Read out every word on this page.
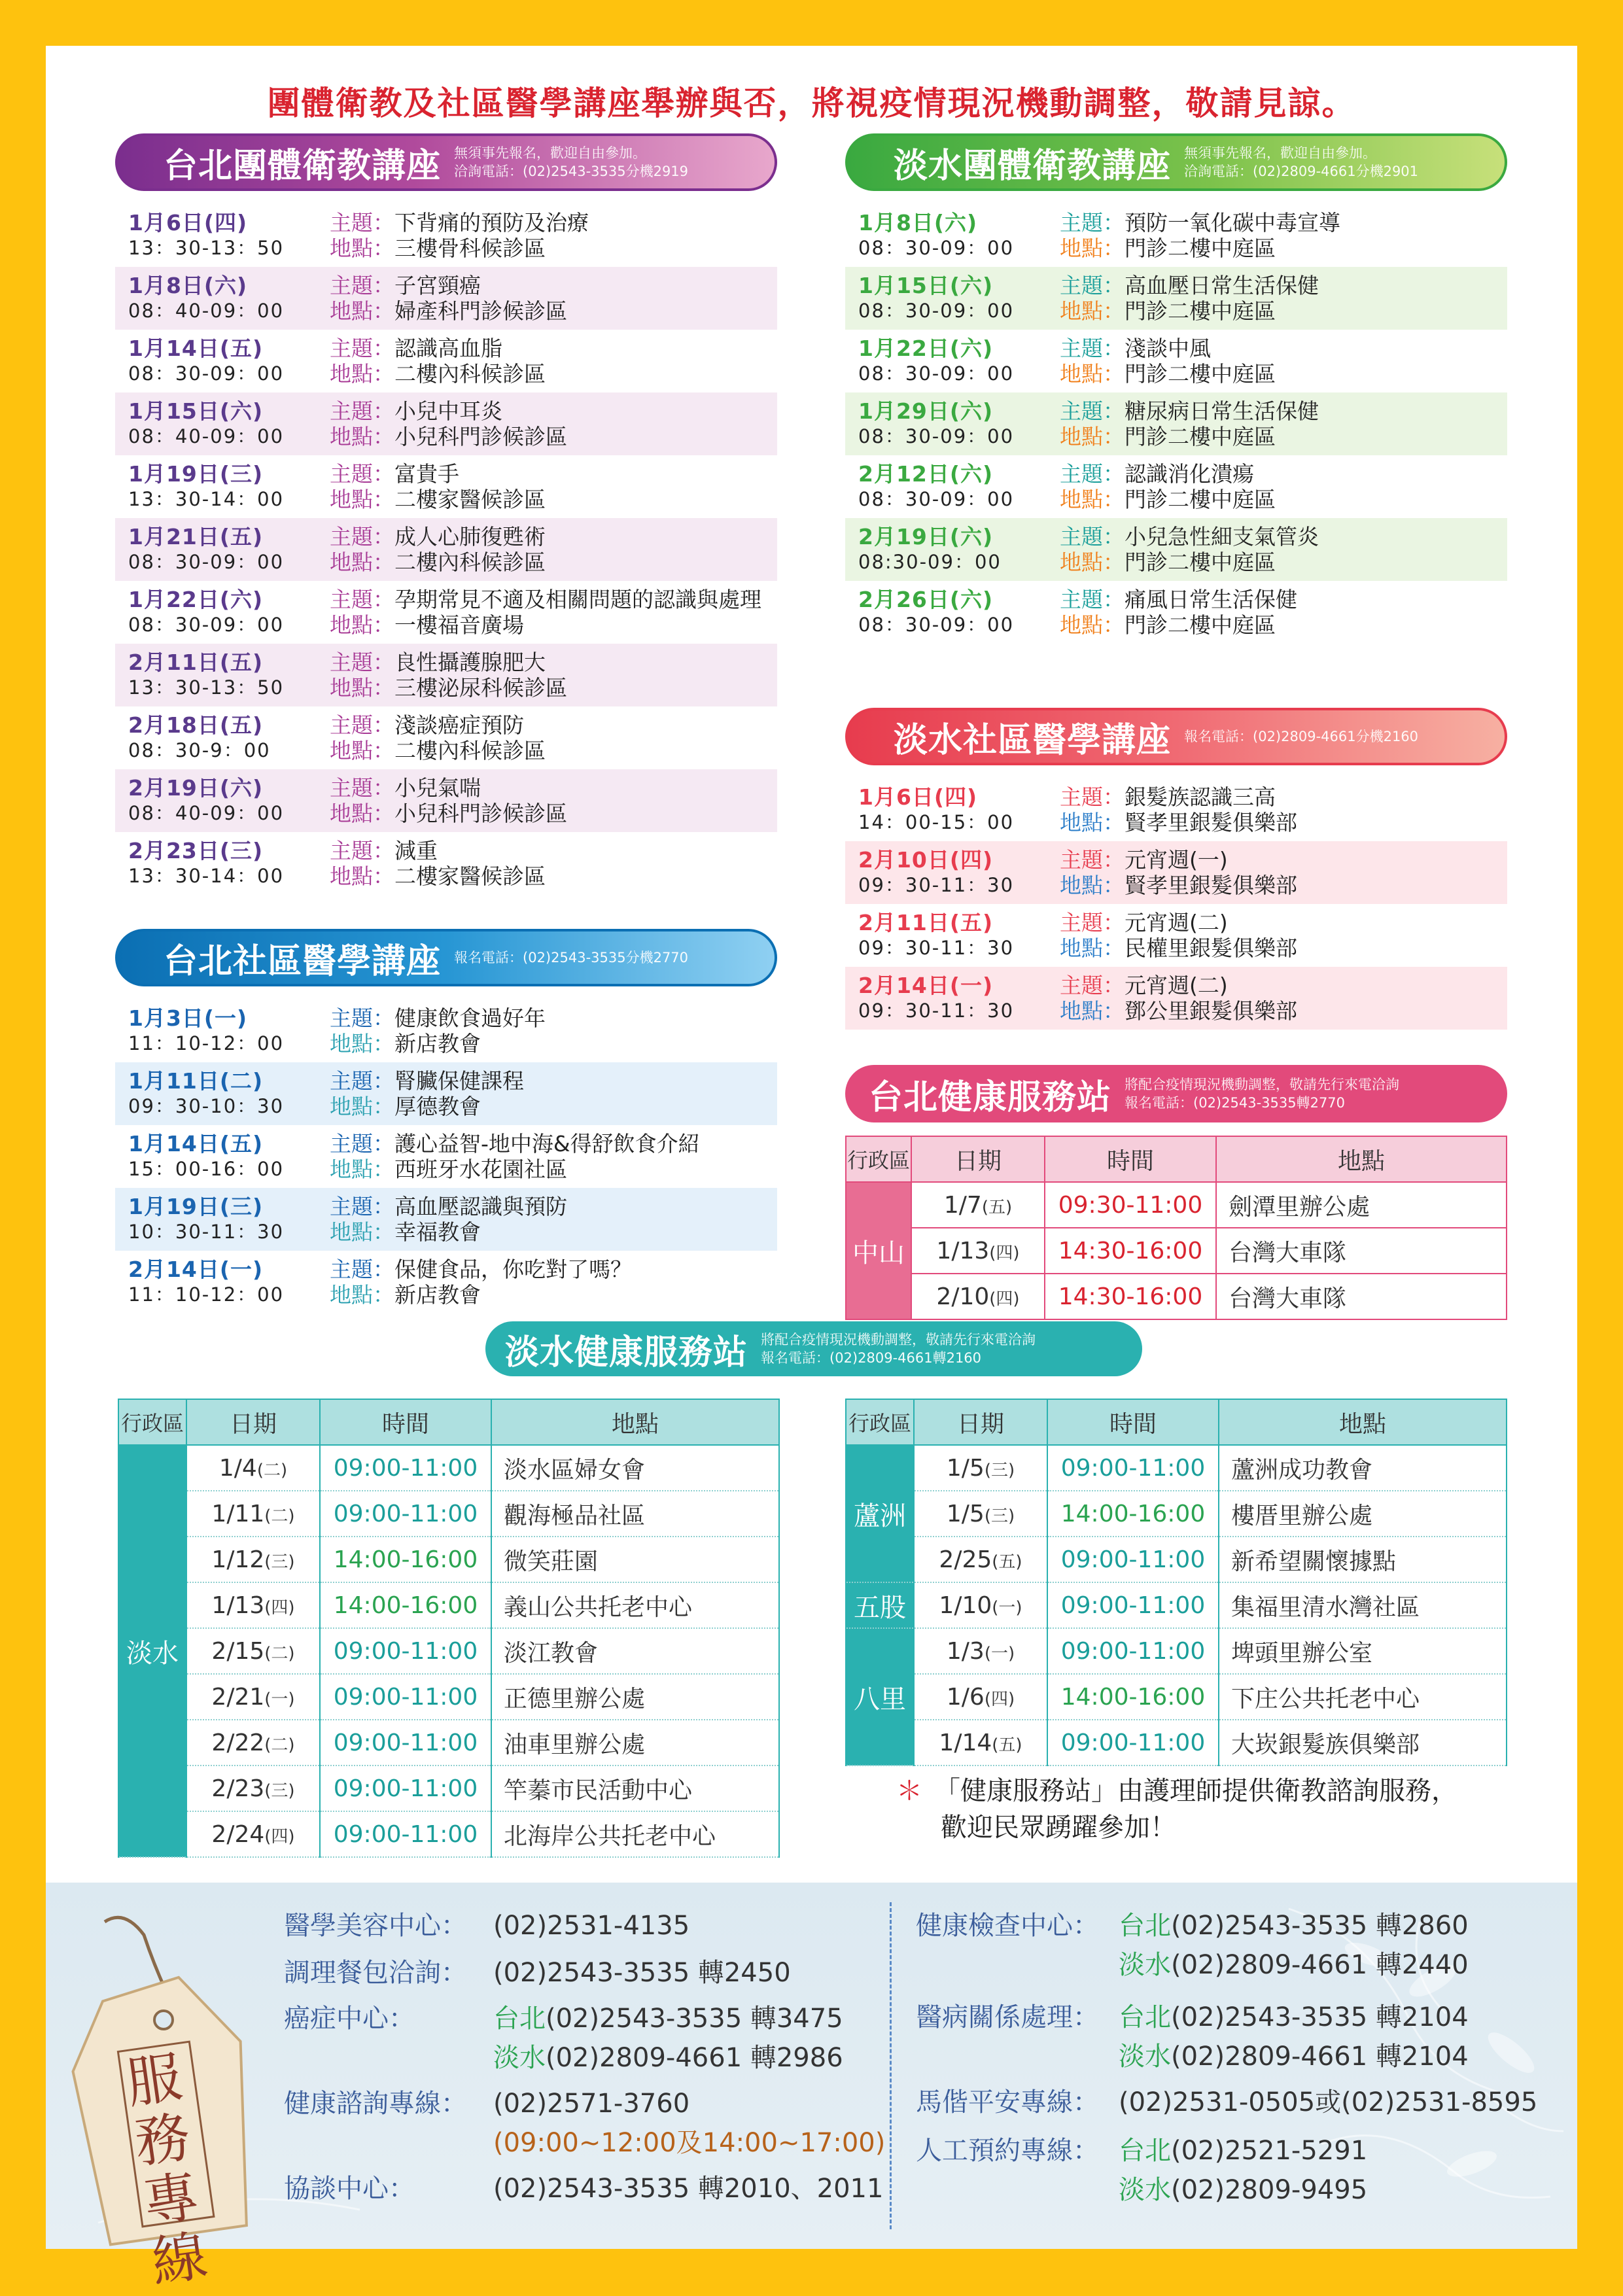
團體衛教及社區醫學講座舉辦與否，將視疫情現況機動調整，敬請見諒。
台北團體衛教講座 無須事先報名，歡迎自由參加。
洽詢電話：(02)2543-3535分機2919
1月6日(四)
13：30-13：50
主題： 下背痛的預防及治療
地點： 三樓骨科候診區
1月8日(六)
08：40-09：00
主題： 子宮頸癌
地點： 婦產科門診候診區
1月14日(五)
08：30-09：00
主題： 認識高血脂
地點： 二樓內科候診區
1月15日(六)
08：40-09：00
主題： 小兒中耳炎
地點： 小兒科門診候診區
1月19日(三)
13：30-14：00
主題： 富貴手
地點： 二樓家醫候診區
1月21日(五)
08：30-09：00
主題： 成人心肺復甦術
地點： 二樓內科候診區
1月22日(六)
08：30-09：00
主題： 孕期常見不適及相關問題的認識與處理
地點： 一樓福音廣場
2月11日(五)
13：30-13：50
主題： 良性攝護腺肥大
地點： 三樓泌尿科候診區
2月18日(五)
08：30-9：00
主題： 淺談癌症預防
地點： 二樓內科候診區
2月19日(六)
08：40-09：00
主題： 小兒氣喘
地點： 小兒科門診候診區
2月23日(三)
13：30-14：00
主題： 減重
地點： 二樓家醫候診區
台北社區醫學講座 報名電話：(02)2543-3535分機2770
1月3日(一)
11：10-12：00
主題： 健康飲食過好年
地點： 新店教會
1月11日(二)
09：30-10：30
主題： 腎臟保健課程
地點： 厚德教會
1月14日(五)
15：00-16：00
主題： 護心益智-地中海&得舒飲食介紹
地點： 西班牙水花園社區
1月19日(三)
10：30-11：30
主題： 高血壓認識與預防
地點： 幸福教會
2月14日(一)
11：10-12：00
主題： 保健食品，你吃對了嗎？
地點： 新店教會
淡水團體衛教講座 無須事先報名，歡迎自由參加。
洽詢電話：(02)2809-4661分機2901
1月8日(六)
08：30-09：00
主題： 預防一氧化碳中毒宣導
地點： 門診二樓中庭區
1月15日(六)
08：30-09：00
主題： 高血壓日常生活保健
地點： 門診二樓中庭區
1月22日(六)
08：30-09：00
主題： 淺談中風
地點： 門診二樓中庭區
1月29日(六)
08：30-09：00
主題： 糖尿病日常生活保健
地點： 門診二樓中庭區
2月12日(六)
08：30-09：00
主題： 認識消化潰瘍
地點： 門診二樓中庭區
2月19日(六)
08:30-09：00
主題： 小兒急性細支氣管炎
地點： 門診二樓中庭區
2月26日(六)
08：30-09：00
主題： 痛風日常生活保健
地點： 門診二樓中庭區
淡水社區醫學講座 報名電話：(02)2809-4661分機2160
1月6日(四)
14：00-15：00
主題： 銀髮族認識三高
地點： 賢孝里銀髮俱樂部
2月10日(四)
09：30-11：30
主題： 元宵週(一)
地點： 賢孝里銀髮俱樂部
2月11日(五)
09：30-11：30
主題： 元宵週(二)
地點： 民權里銀髮俱樂部
2月14日(一)
09：30-11：30
主題： 元宵週(二)
地點： 鄧公里銀髮俱樂部
台北健康服務站 將配合疫情現況機動調整，敬請先行來電洽詢
報名電話：(02)2543-3535轉2770
行政區	日期	時間	地點
中山	1/7(五)	09:30-11:00	劍潭里辦公處
	1/13(四)	14:30-16:00	台灣大車隊
	2/10(四)	14:30-16:00	台灣大車隊
淡水健康服務站 將配合疫情現況機動調整，敬請先行來電洽詢
報名電話：(02)2809-4661轉2160
行政區	日期	時間	地點
淡水	1/4(二)	09:00-11:00	淡水區婦女會
	1/11(二)	09:00-11:00	觀海極品社區
	1/12(三)	14:00-16:00	微笑莊園
	1/13(四)	14:00-16:00	義山公共托老中心
	2/15(二)	09:00-11:00	淡江教會
	2/21(一)	09:00-11:00	正德里辦公處
	2/22(二)	09:00-11:00	油車里辦公處
	2/23(三)	09:00-11:00	竿蓁市民活動中心
	2/24(四)	09:00-11:00	北海岸公共托老中心
行政區	日期	時間	地點
蘆洲	1/5(三)	09:00-11:00	蘆洲成功教會
	1/5(三)	14:00-16:00	樓厝里辦公處
	2/25(五)	09:00-11:00	新希望關懷據點
五股	1/10(一)	09:00-11:00	集福里清水灣社區
八里	1/3(一)	09:00-11:00	埤頭里辦公室
	1/6(四)	14:00-16:00	下庄公共托老中心
	1/14(五)	09:00-11:00	大崁銀髮族俱樂部
＊ 「健康服務站」由護理師提供衛教諮詢服務，
歡迎民眾踴躍參加！
服務專線
醫學美容中心：	(02)2531-4135
調理餐包洽詢：	(02)2543-3535 轉2450
癌症中心：	台北(02)2543-3535 轉3475
淡水 (02)2809-4661 轉2986
健康諮詢專線：	(02)2571-3760
(09:00~12:00及14:00~17:00)
協談中心：	(02)2543-3535 轉2010、2011
健康檢查中心： 台北(02)2543-3535 轉2860
淡水 (02)2809-4661 轉2440
醫病關係處理： 台北(02)2543-3535 轉2104
淡水 (02)2809-4661 轉2104
馬偕平安專線： (02)2531-0505或(02)2531-8595
人工預約專線： 台北(02)2521-5291
淡水 (02)2809-9495
